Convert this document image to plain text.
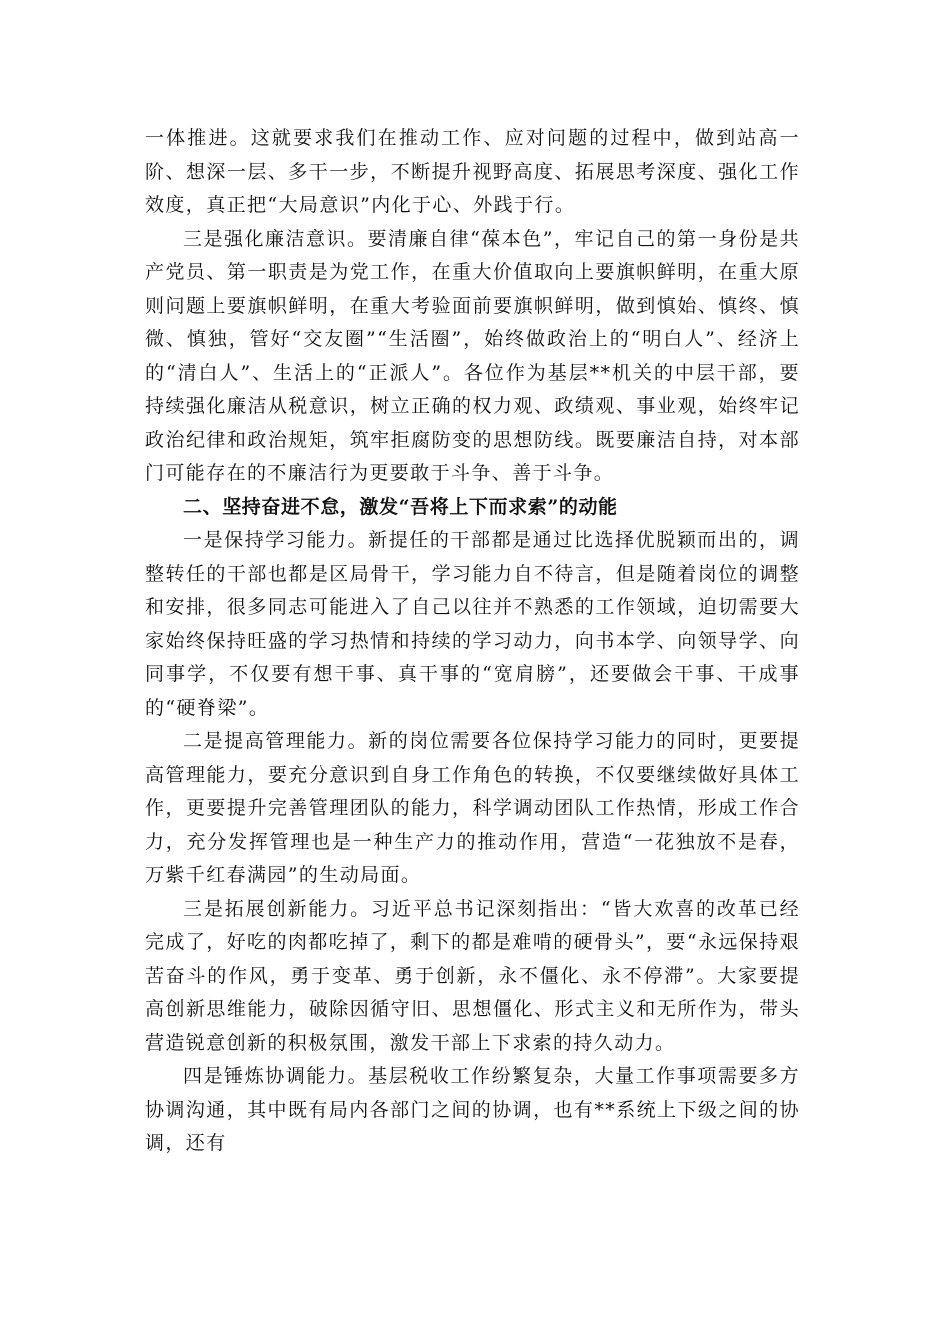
一体推进。这就要求我们在推动工作、应对问题的过程中，做到站高一阶、想深一层、多干一步，不断提升视野高度、拓展思考深度、强化工作效度，真正把“大局意识”内化于心、外践于行。

三是强化廉洁意识。要清廉自律“葆本色”，牢记自己的第一身份是共产党员、第一职责是为党工作，在重大价值取向上要旗帜鲜明，在重大原则问题上要旗帜鲜明，在重大考验面前要旗帜鲜明，做到慎始、慎终、慎微、慎独，管好“交友圈”“生活圈”，始终做政治上的“明白人”、经济上的“清白人”、生活上的“正派人”。各位作为基层**机关的中层干部，要持续强化廉洁从税意识，树立正确的权力观、政绩观、事业观，始终牢记政治纪律和政治规矩，筑牢拒腐防变的思想防线。既要廉洁自持，对本部门可能存在的不廉洁行为更要敢于斗争、善于斗争。

二、坚持奋进不怠，激发“吾将上下而求索”的动能

一是保持学习能力。新提任的干部都是通过比选择优脱颖而出的，调整转任的干部也都是区局骨干，学习能力自不待言，但是随着岗位的调整和安排，很多同志可能进入了自己以往并不熟悉的工作领域，迫切需要大家始终保持旺盛的学习热情和持续的学习动力，向书本学、向领导学、向同事学，不仅要有想干事、真干事的“宽肩膀”，还要做会干事、干成事的“硬脊梁”。

二是提高管理能力。新的岗位需要各位保持学习能力的同时，更要提高管理能力，要充分意识到自身工作角色的转换，不仅要继续做好具体工作，更要提升完善管理团队的能力，科学调动团队工作热情，形成工作合力，充分发挥管理也是一种生产力的推动作用，营造“一花独放不是春，万紫千红春满园”的生动局面。

三是拓展创新能力。习近平总书记深刻指出：“皆大欢喜的改革已经完成了，好吃的肉都吃掉了，剩下的都是难啃的硬骨头”，要“永远保持艰苦奋斗的作风，勇于变革、勇于创新，永不僵化、永不停滞”。大家要提高创新思维能力，破除因循守旧、思想僵化、形式主义和无所作为，带头营造锐意创新的积极氛围，激发干部上下求索的持久动力。

四是锤炼协调能力。基层税收工作纷繁复杂，大量工作事项需要多方协调沟通，其中既有局内各部门之间的协调，也有**系统上下级之间的协调，还有
